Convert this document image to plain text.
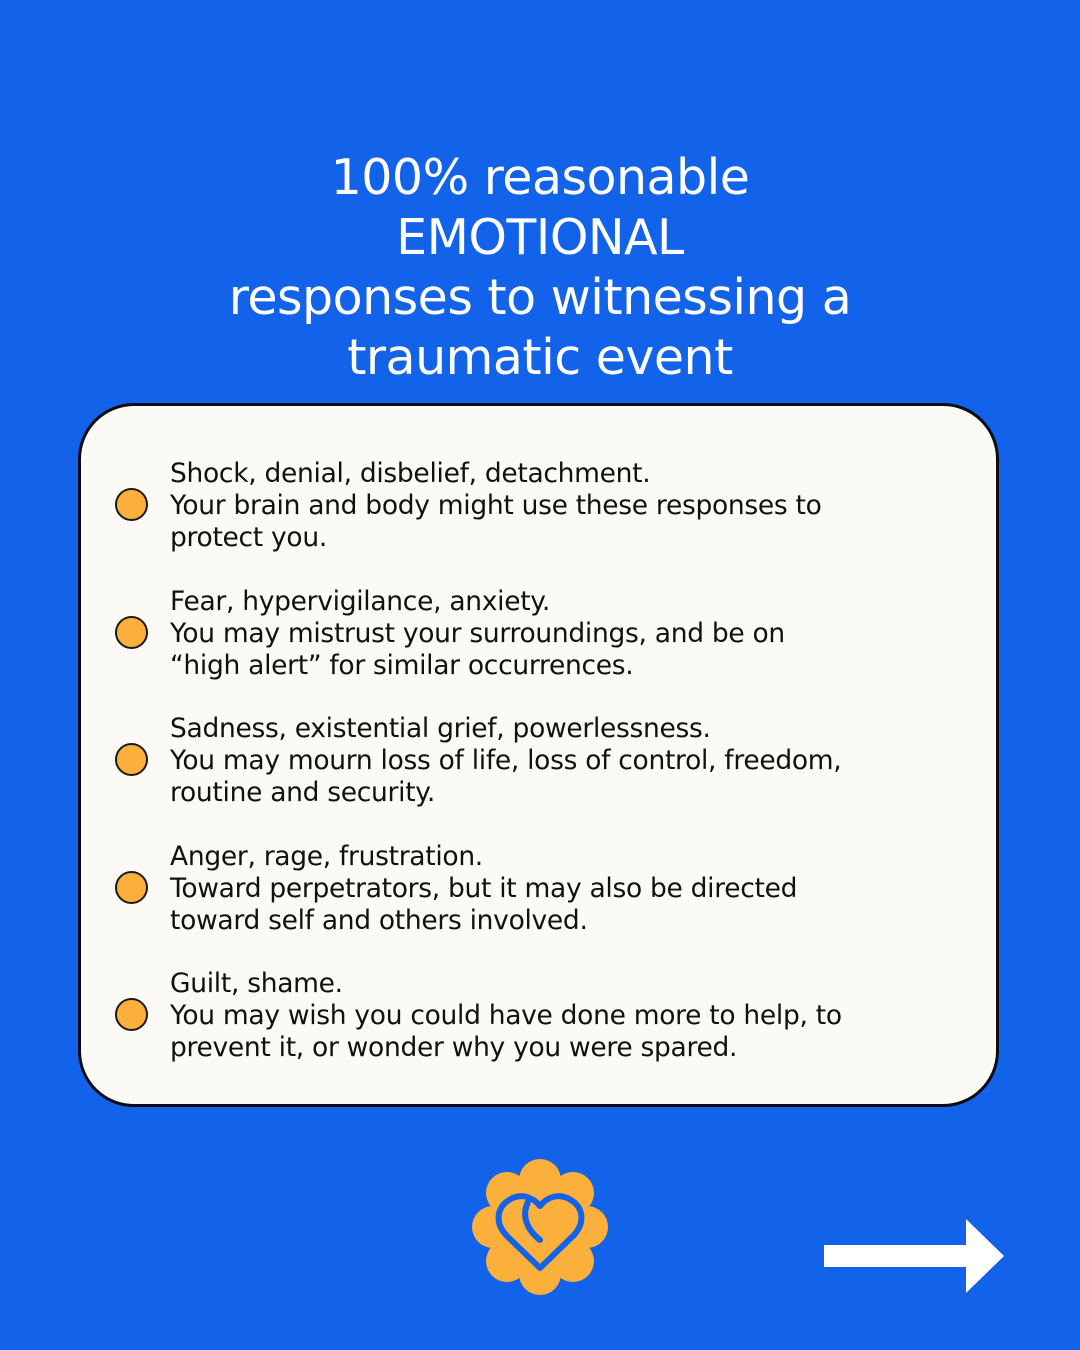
100% reasonable
EMOTIONAL
responses to witnessing a
traumatic event
Shock, denial, disbelief, detachment.
Your brain and body might use these responses to
protect you.
Fear, hypervigilance, anxiety.
You may mistrust your surroundings, and be on
“high alert” for similar occurrences.
Sadness, existential grief, powerlessness.
You may mourn loss of life, loss of control, freedom,
routine and security.
Anger, rage, frustration.
Toward perpetrators, but it may also be directed
toward self and others involved.
Guilt, shame.
You may wish you could have done more to help, to
prevent it, or wonder why you were spared.
